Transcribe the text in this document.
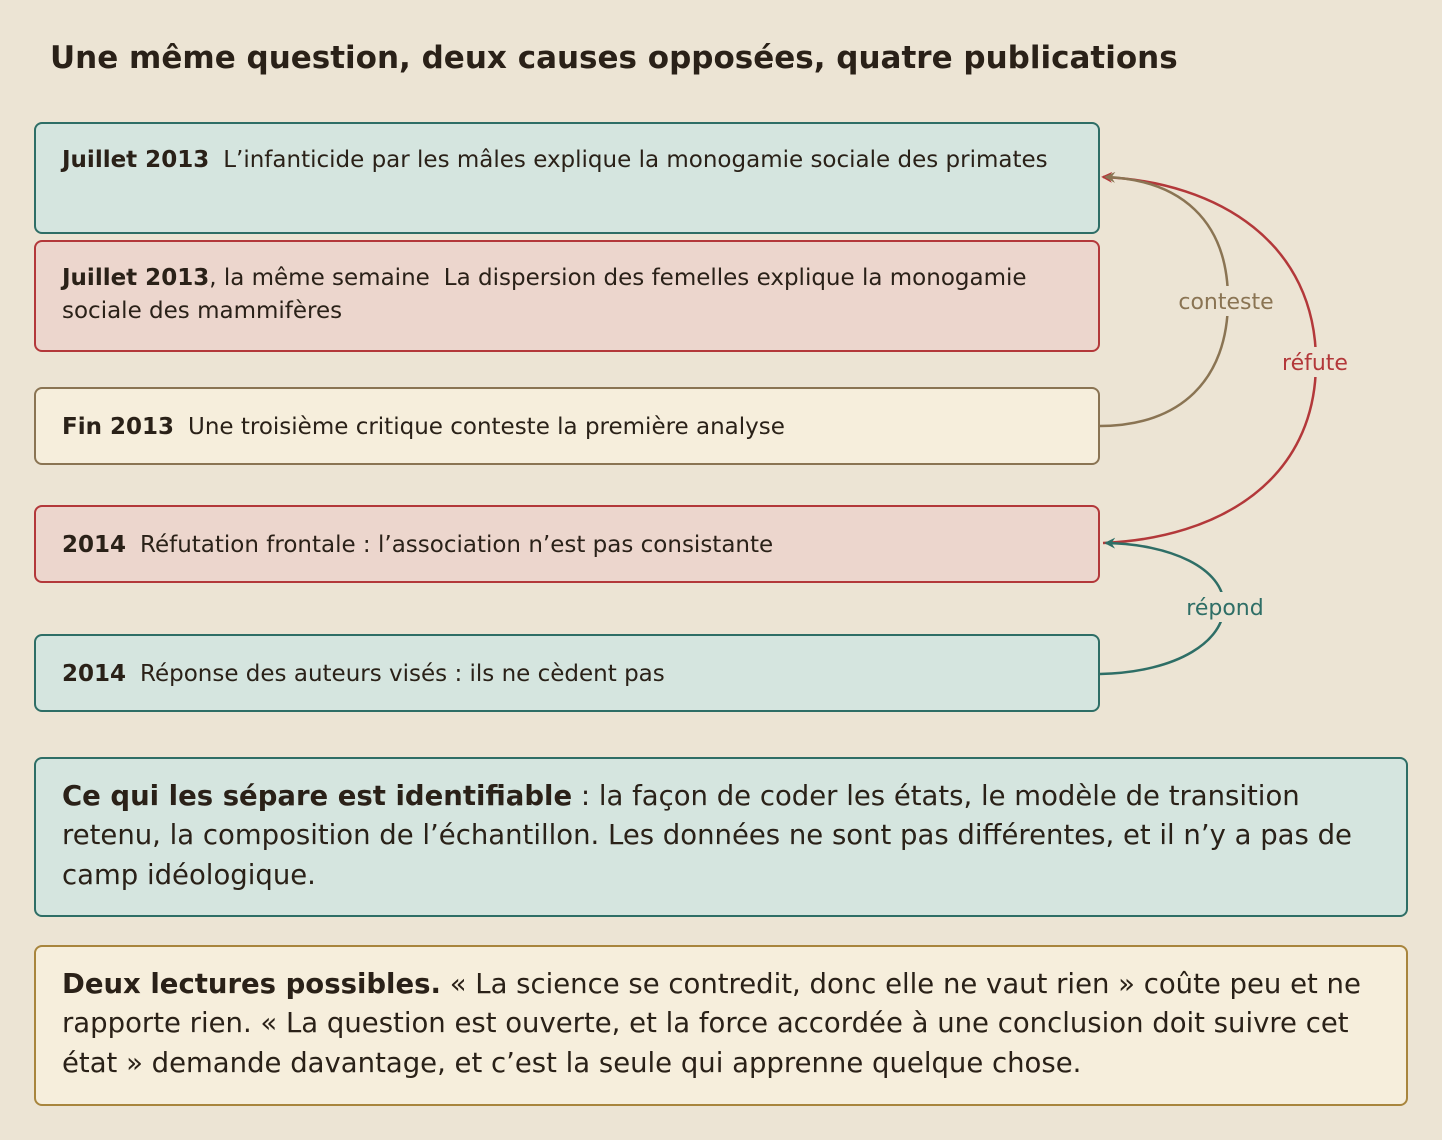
Une même question, deux causes opposées, quatre publications
Juillet 2013 L’infanticide par les mâles explique la monogamie sociale des primates
Juillet 2013, la même semaine La dispersion des femelles explique la monogamie sociale des mammifères
Fin 2013 Une troisième critique conteste la première analyse
2014 Réfutation frontale : l’association n’est pas consistante
2014 Réponse des auteurs visés : ils ne cèdent pas
conteste
réfute
répond
Ce qui les sépare est identifiable : la façon de coder les états, le modèle de transition retenu, la composition de l’échantillon. Les données ne sont pas différentes, et il n’y a pas de camp idéologique.
Deux lectures possibles. « La science se contredit, donc elle ne vaut rien » coûte peu et ne rapporte rien. « La question est ouverte, et la force accordée à une conclusion doit suivre cet état » demande davantage, et c’est la seule qui apprenne quelque chose.
